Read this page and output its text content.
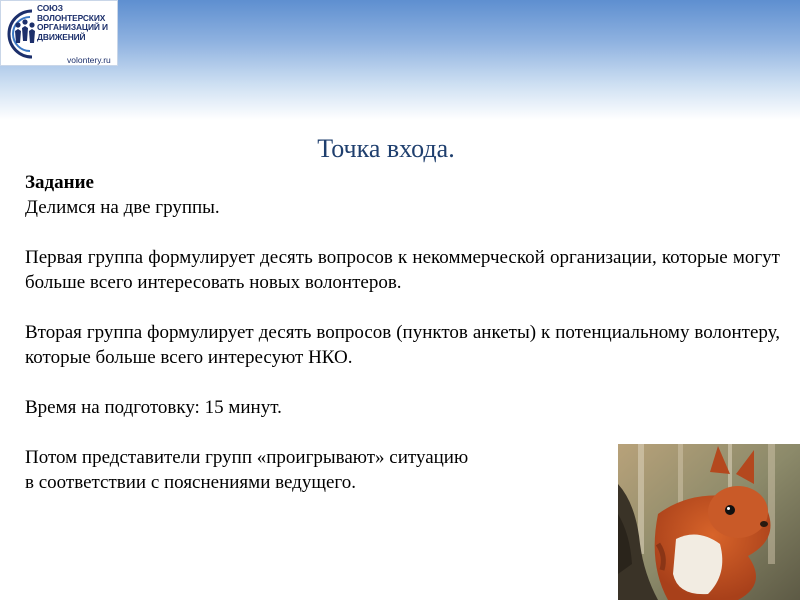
СОЮЗ
ВОЛОНТЕРСКИХ
ОРГАНИЗАЦИЙ И
ДВИЖЕНИЙ
volontery.ru
Точка входа.

Задание

Делимся на две группы.

Первая группа формулирует десять вопросов к некоммерческой организации, которые могут больше всего интересовать новых волонтеров.

Вторая группа формулирует десять вопросов (пунктов анкеты) к потенциальному волонтеру, которые больше всего интересуют НКО.

Время на подготовку: 15 минут.

Потом представители групп «проигрывают» ситуацию

в соответствии с пояснениями ведущего.
